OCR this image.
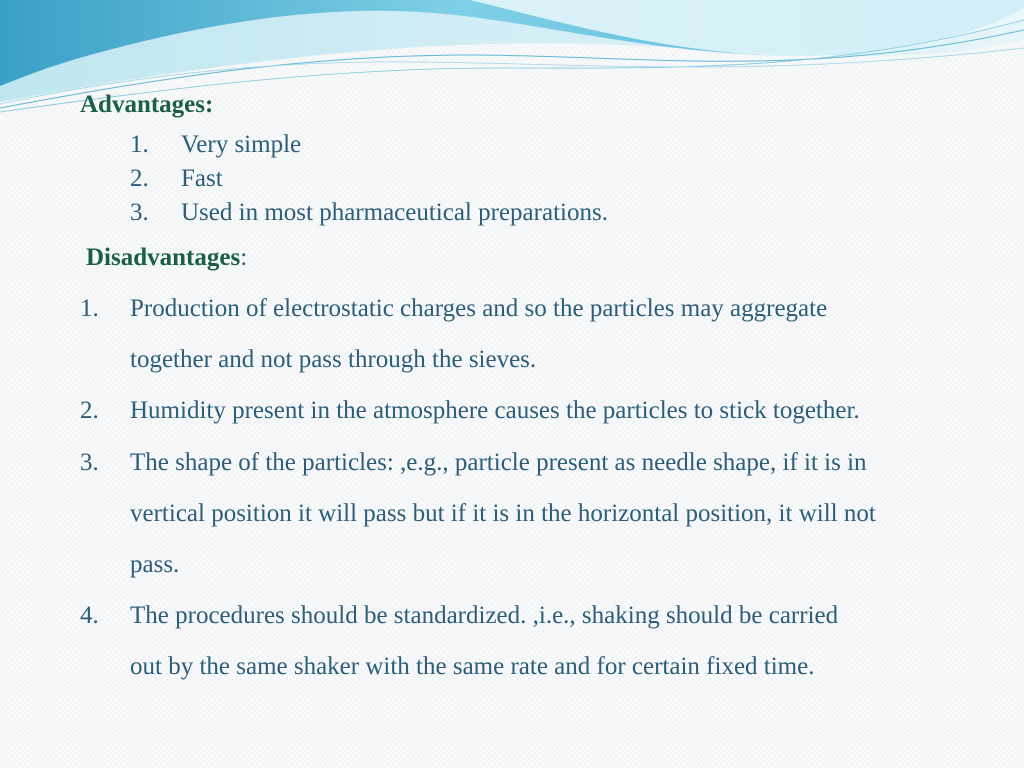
Advantages:
1. Very simple
2. Fast
3. Used in most pharmaceutical preparations.
Disadvantages:
1. Production of electrostatic charges and so the particles may aggregate
together and not pass through the sieves.
2. Humidity present in the atmosphere causes the particles to stick together.
3. The shape of the particles: ,e.g., particle present as needle shape, if it is in
vertical position it will pass but if it is in the horizontal position, it will not
pass.
4. The procedures should be standardized. ,i.e., shaking should be carried
out by the same shaker with the same rate and for certain fixed time.
